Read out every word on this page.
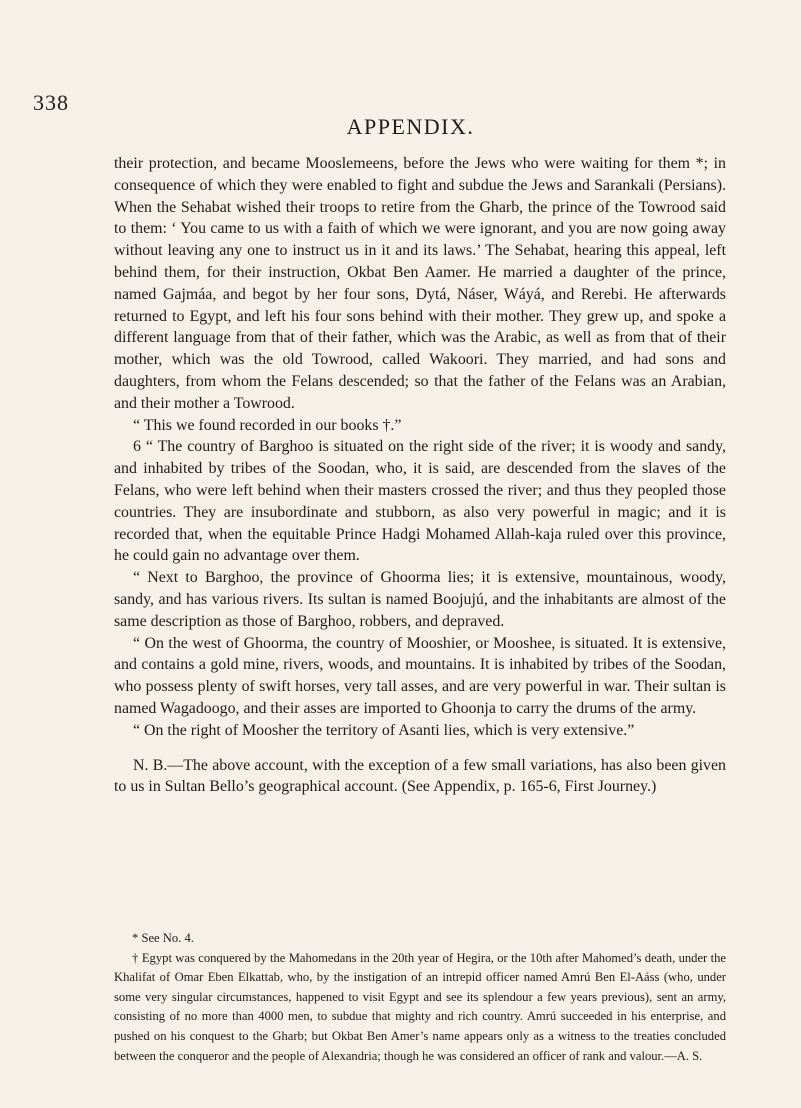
338
APPENDIX.

their protection, and became Mooslemeens, before the Jews who were waiting for them *; in consequence of which they were enabled to fight and subdue the Jews and Sarankali (Persians). When the Sehabat wished their troops to retire from the Gharb, the prince of the Towrood said to them: ‘ You came to us with a faith of which we were ignorant, and you are now going away without leaving any one to instruct us in it and its laws.’ The Sehabat, hearing this appeal, left behind them, for their instruction, Okbat Ben Aamer. He married a daughter of the prince, named Gajmáa, and begot by her four sons, Dytá, Náser, Wáyá, and Rerebi. He afterwards returned to Egypt, and left his four sons behind with their mother. They grew up, and spoke a different language from that of their father, which was the Arabic, as well as from that of their mother, which was the old Towrood, called Wakoori. They married, and had sons and daughters, from whom the Felans descended; so that the father of the Felans was an Arabian, and their mother a Towrood.

“ This we found recorded in our books †.”

6 “ The country of Barghoo is situated on the right side of the river; it is woody and sandy, and inhabited by tribes of the Soodan, who, it is said, are descended from the slaves of the Felans, who were left behind when their masters crossed the river; and thus they peopled those countries. They are insubordinate and stubborn, as also very powerful in magic; and it is recorded that, when the equitable Prince Hadgi Mohamed Allah-kaja ruled over this province, he could gain no advantage over them.

“ Next to Barghoo, the province of Ghoorma lies; it is extensive, mountainous, woody, sandy, and has various rivers. Its sultan is named Boojujú, and the inhabitants are almost of the same description as those of Barghoo, robbers, and depraved.

“ On the west of Ghoorma, the country of Mooshier, or Mooshee, is situated. It is extensive, and contains a gold mine, rivers, woods, and mountains. It is inhabited by tribes of the Soodan, who possess plenty of swift horses, very tall asses, and are very powerful in war. Their sultan is named Wagadoogo, and their asses are imported to Ghoonja to carry the drums of the army.

“ On the right of Moosher the territory of Asanti lies, which is very extensive.”

N. B.—The above account, with the exception of a few small variations, has also been given to us in Sultan Bello’s geographical account. (See Appendix, p. 165-6, First Journey.)

* See No. 4.

† Egypt was conquered by the Mahomedans in the 20th year of Hegira, or the 10th after Mahomed’s death, under the Khalifat of Omar Eben Elkattab, who, by the instigation of an intrepid officer named Amrú Ben El-Aáss (who, under some very singular circumstances, happened to visit Egypt and see its splendour a few years previous), sent an army, consisting of no more than 4000 men, to subdue that mighty and rich country. Amrú succeeded in his enterprise, and pushed on his conquest to the Gharb; but Okbat Ben Amer’s name appears only as a witness to the treaties concluded between the conqueror and the people of Alexandria; though he was considered an officer of rank and valour.—A. S.
